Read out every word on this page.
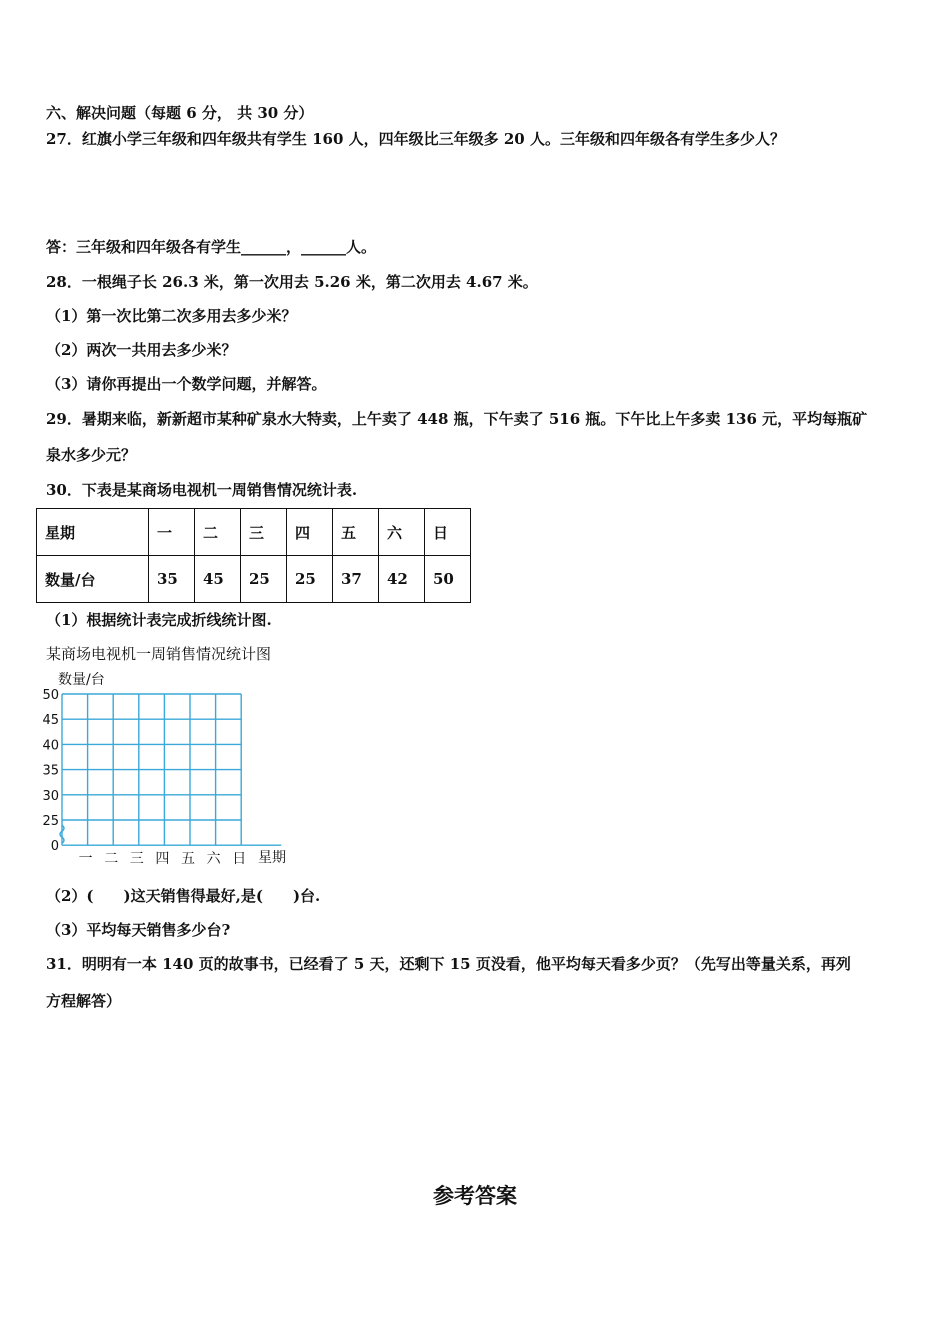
六、解决问题（每题 6 分， 共 30 分）
27．红旗小学三年级和四年级共有学生 160 人，四年级比三年级多 20 人。三年级和四年级各有学生多少人？
答：三年级和四年级各有学生______，______人。
28．一根绳子长 26.3 米，第一次用去 5.26 米，第二次用去 4.67 米。
（1）第一次比第二次多用去多少米？
（2）两次一共用去多少米？
（3）请你再提出一个数学问题，并解答。
29．暑期来临，新新超市某种矿泉水大特卖，上午卖了 448 瓶，下午卖了 516 瓶。下午比上午多卖 136 元，平均每瓶矿
泉水多少元？
30．下表是某商场电视机一周销售情况统计表.
星期	一	二	三	四	五	六	日
数量/台	35	45	25	25	37	42	50
（1）根据统计表完成折线统计图.
某商场电视机一周销售情况统计图
数量/台
50
45
40
35
30
25
0
一 二 三 四 五 六 日 星期
（2）(　　)这天销售得最好,是(　　)台.
（3）平均每天销售多少台?
31．明明有一本 140 页的故事书，已经看了 5 天，还剩下 15 页没看，他平均每天看多少页？（先写出等量关系，再列
方程解答）
参考答案
